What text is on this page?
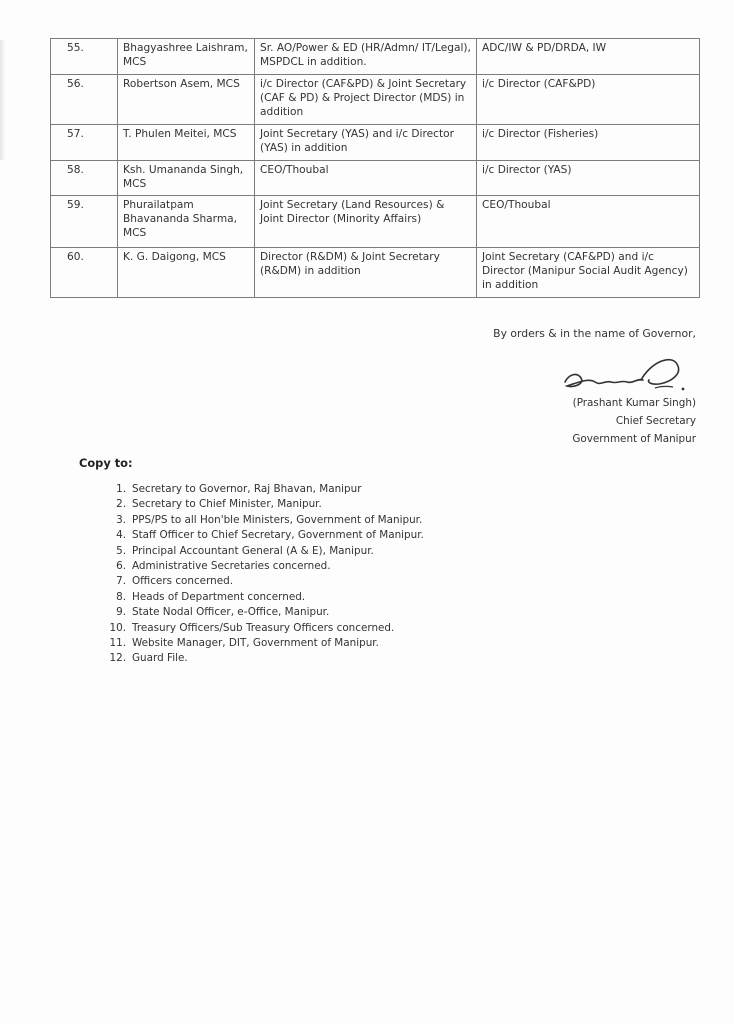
55.	Bhagyashree Laishram, MCS	Sr. AO/Power & ED (HR/Admn/ IT/Legal), MSPDCL in addition.	ADC/IW & PD/DRDA, IW
56.	Robertson Asem, MCS	i/c Director (CAF&PD) & Joint Secretary (CAF & PD) & Project Director (MDS) in addition	i/c Director (CAF&PD)
57.	T. Phulen Meitei, MCS	Joint Secretary (YAS) and i/c Director (YAS) in addition	i/c Director (Fisheries)
58.	Ksh. Umananda Singh, MCS	CEO/Thoubal	i/c Director (YAS)
59.	Phurailatpam Bhavananda Sharma, MCS	Joint Secretary (Land Resources) & Joint Director (Minority Affairs)	CEO/Thoubal
60.	K. G. Daigong, MCS	Director (R&DM) & Joint Secretary (R&DM) in addition	Joint Secretary (CAF&PD) and i/c Director (Manipur Social Audit Agency) in addition
By orders & in the name of Governor,
(Prashant Kumar Singh)
Chief Secretary
Government of Manipur
Copy to:
1. Secretary to Governor, Raj Bhavan, Manipur
2. Secretary to Chief Minister, Manipur.
3. PPS/PS to all Hon'ble Ministers, Government of Manipur.
4. Staff Officer to Chief Secretary, Government of Manipur.
5. Principal Accountant General (A & E), Manipur.
6. Administrative Secretaries concerned.
7. Officers concerned.
8. Heads of Department concerned.
9. State Nodal Officer, e-Office, Manipur.
10. Treasury Officers/Sub Treasury Officers concerned.
11. Website Manager, DIT, Government of Manipur.
12. Guard File.
